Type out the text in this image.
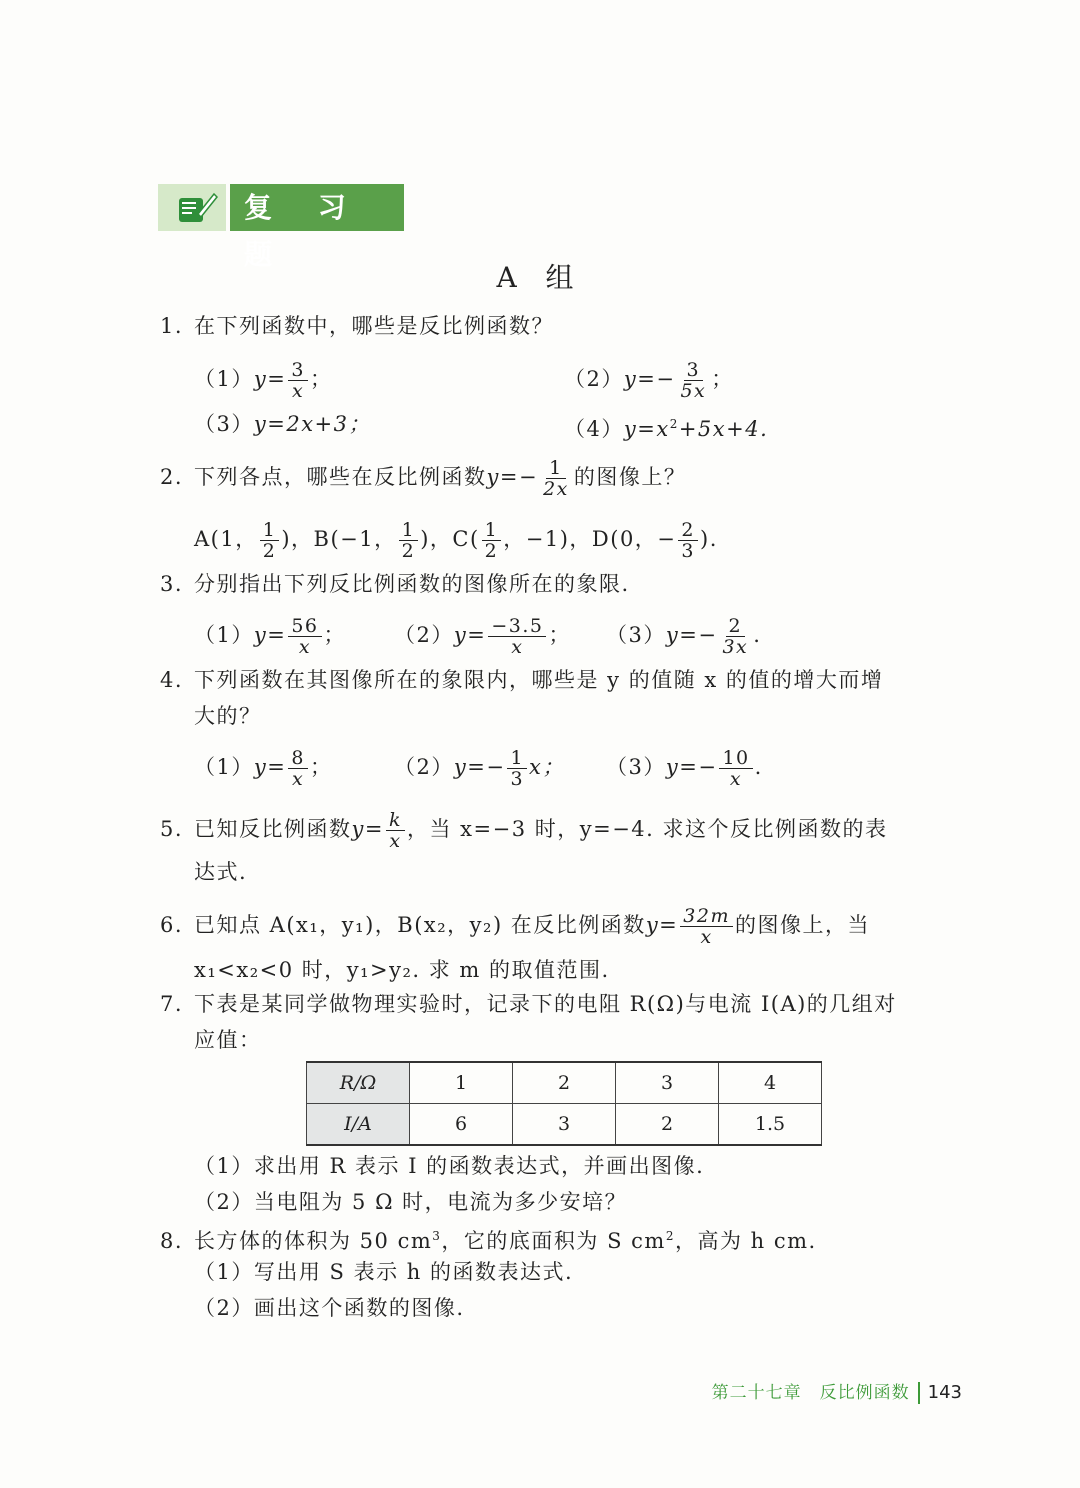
复 习 题
A 组
1. 在下列函数中，哪些是反比例函数？
$(1)y= \frac{3}{x}$ ；	$(2)y=- \frac{3}{5x}$ ；
（3）y=2x+3；	$(4)y=x^2+5x+4$.
2. 下列各点，哪些在反比例函数$y=- \frac{1}{2x}$ 的图像上？
A(1， $\frac{1}{2}$ )，B(−1， $\frac{1}{2}$ )，$C( \frac{1}{2}$ ，−1)，D(0，− $\frac{2}{3}$ ).
3. 分别指出下列反比例函数的图像所在的象限.
$(1)y= \frac{56}{x}$ ； $(2)y= \frac{-3.5}{x}$ ； $(3)y=- \frac{2}{3x}$ .
4. 下列函数在其图像所在的象限内，哪些是 y 的值随 x 的值的增大而增
大的？
$(1)y= \frac{8}{x}$ ；	$(2)y=- \frac{1}{3}$ x； $(3)y=- \frac{10}{x}$ .
5. 已知反比例函数$y= \frac{k}{x}$ ，当 x=−3 时，y=−4. 求这个反比例函数的表
达式.
6. 已知点 A(x₁，y₁)，B(x₂，y₂) 在反比例函数$y= \frac{32m}{x}$ 的图像上，当
x₁<x₂<0 时，y₁>y₂. 求 m 的取值范围.
7. 下表是某同学做物理实验时，记录下的电阻 R(Ω)与电流 I(A)的几组对
应值：
R/Ω	1	2	3	4
I/A	6	3	2	1.5
（1）求出用 R 表示 I 的函数表达式，并画出图像.
（2）当电阻为 5 Ω 时，电流为多少安培？
8. 长方体的体积为 50 $cm^3$，它的底面积为 S $cm^2$，高为 h cm.
（1）写出用 S 表示 h 的函数表达式.
（2）画出这个函数的图像.
第二十七章　反比例函数 143
